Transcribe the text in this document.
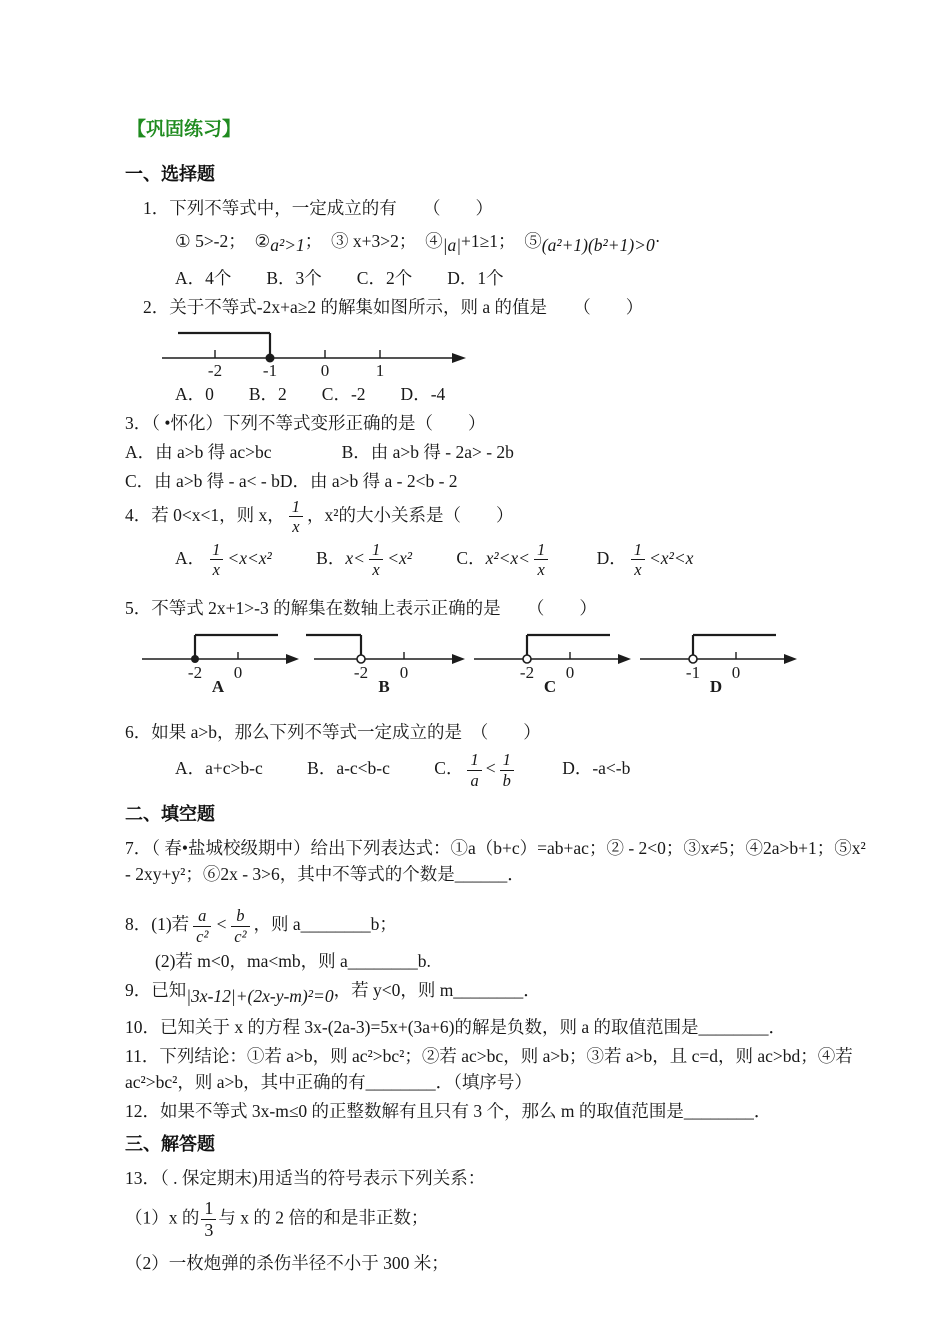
【巩固练习】
一、选择题
1．下列不等式中，一定成立的有　　（　　）
① 5>-2；　②a²>1；　③ x+3>2；　④|a|+1≥1；　⑤(a²+1)(b²+1)>0·
A．4个　　B．3个　　C．2个　　D．1个
2．关于不等式-2x+a≥2 的解集如图所示，则 a 的值是　　（　　）
-2 -1	0	1
A．0　　B．2　　C．-2　　D．-4
3．（ •怀化）下列不等式变形正确的是（　　）
A．由 a>b 得 ac>bc　　　　B．由 a>b 得 - 2a> - 2b
C．由 a>b 得 - a< - bD．由 a>b 得 a - 2<b - 2
4．若 0<x<1，则 x， $\frac{1}{x}$ ，x²的大小关系是（　　）
A． $\frac{1}{x} <x<x^2$	B．$x< \frac{1}{x} <x^2$	C．$x^2<x< \frac{1}{x}$	D． $\frac{1}{x} <x^2<x$
5．不等式 2x+1>-3 的解集在数轴上表示正确的是　　（　　）
-2 0
A
-2 0
B
-2 0
C
-1 0
D
6．如果 a>b，那么下列不等式一定成立的是　（　　）
A．a+c>b-c	B．a-c<b-c	C． $\frac{1}{a} < \frac{1}{b}$	D．-a<-b
二、填空题
7．（ 春•盐城校级期中）给出下列表达式：①a（b+c）=ab+ac；② - 2<0；③x≠5；④2a>b+1；⑤x² - 2xy+y²；⑥2x - 3>6，其中不等式的个数是______．
8．(1)若 $\frac{a}{\text{c²}} < \frac{b}{\text{c²}}$ ，则 a________b；
(2)若 m<0，ma<mb，则 a________b.
9．已知|3x-12|+(2x-y-m)²=0，若 y<0，则 m________．
10．已知关于 x 的方程 3x-(2a-3)=5x+(3a+6)的解是负数，则 a 的取值范围是________．
11．下列结论：①若 a>b，则 ac²>bc²；②若 ac>bc，则 a>b；③若 a>b，且 c=d，则 ac>bd；④若 ac²>bc²，则 a>b，其中正确的有________．（填序号）
12．如果不等式 3x-m≤0 的正整数解有且只有 3 个，那么 m 的取值范围是________．
三、解答题
13．（ . 保定期末)用适当的符号表示下列关系：
（1）x 的 $\frac{1}{3}$ 与 x 的 2 倍的和是非正数；
（2）一枚炮弹的杀伤半径不小于 300 米；
